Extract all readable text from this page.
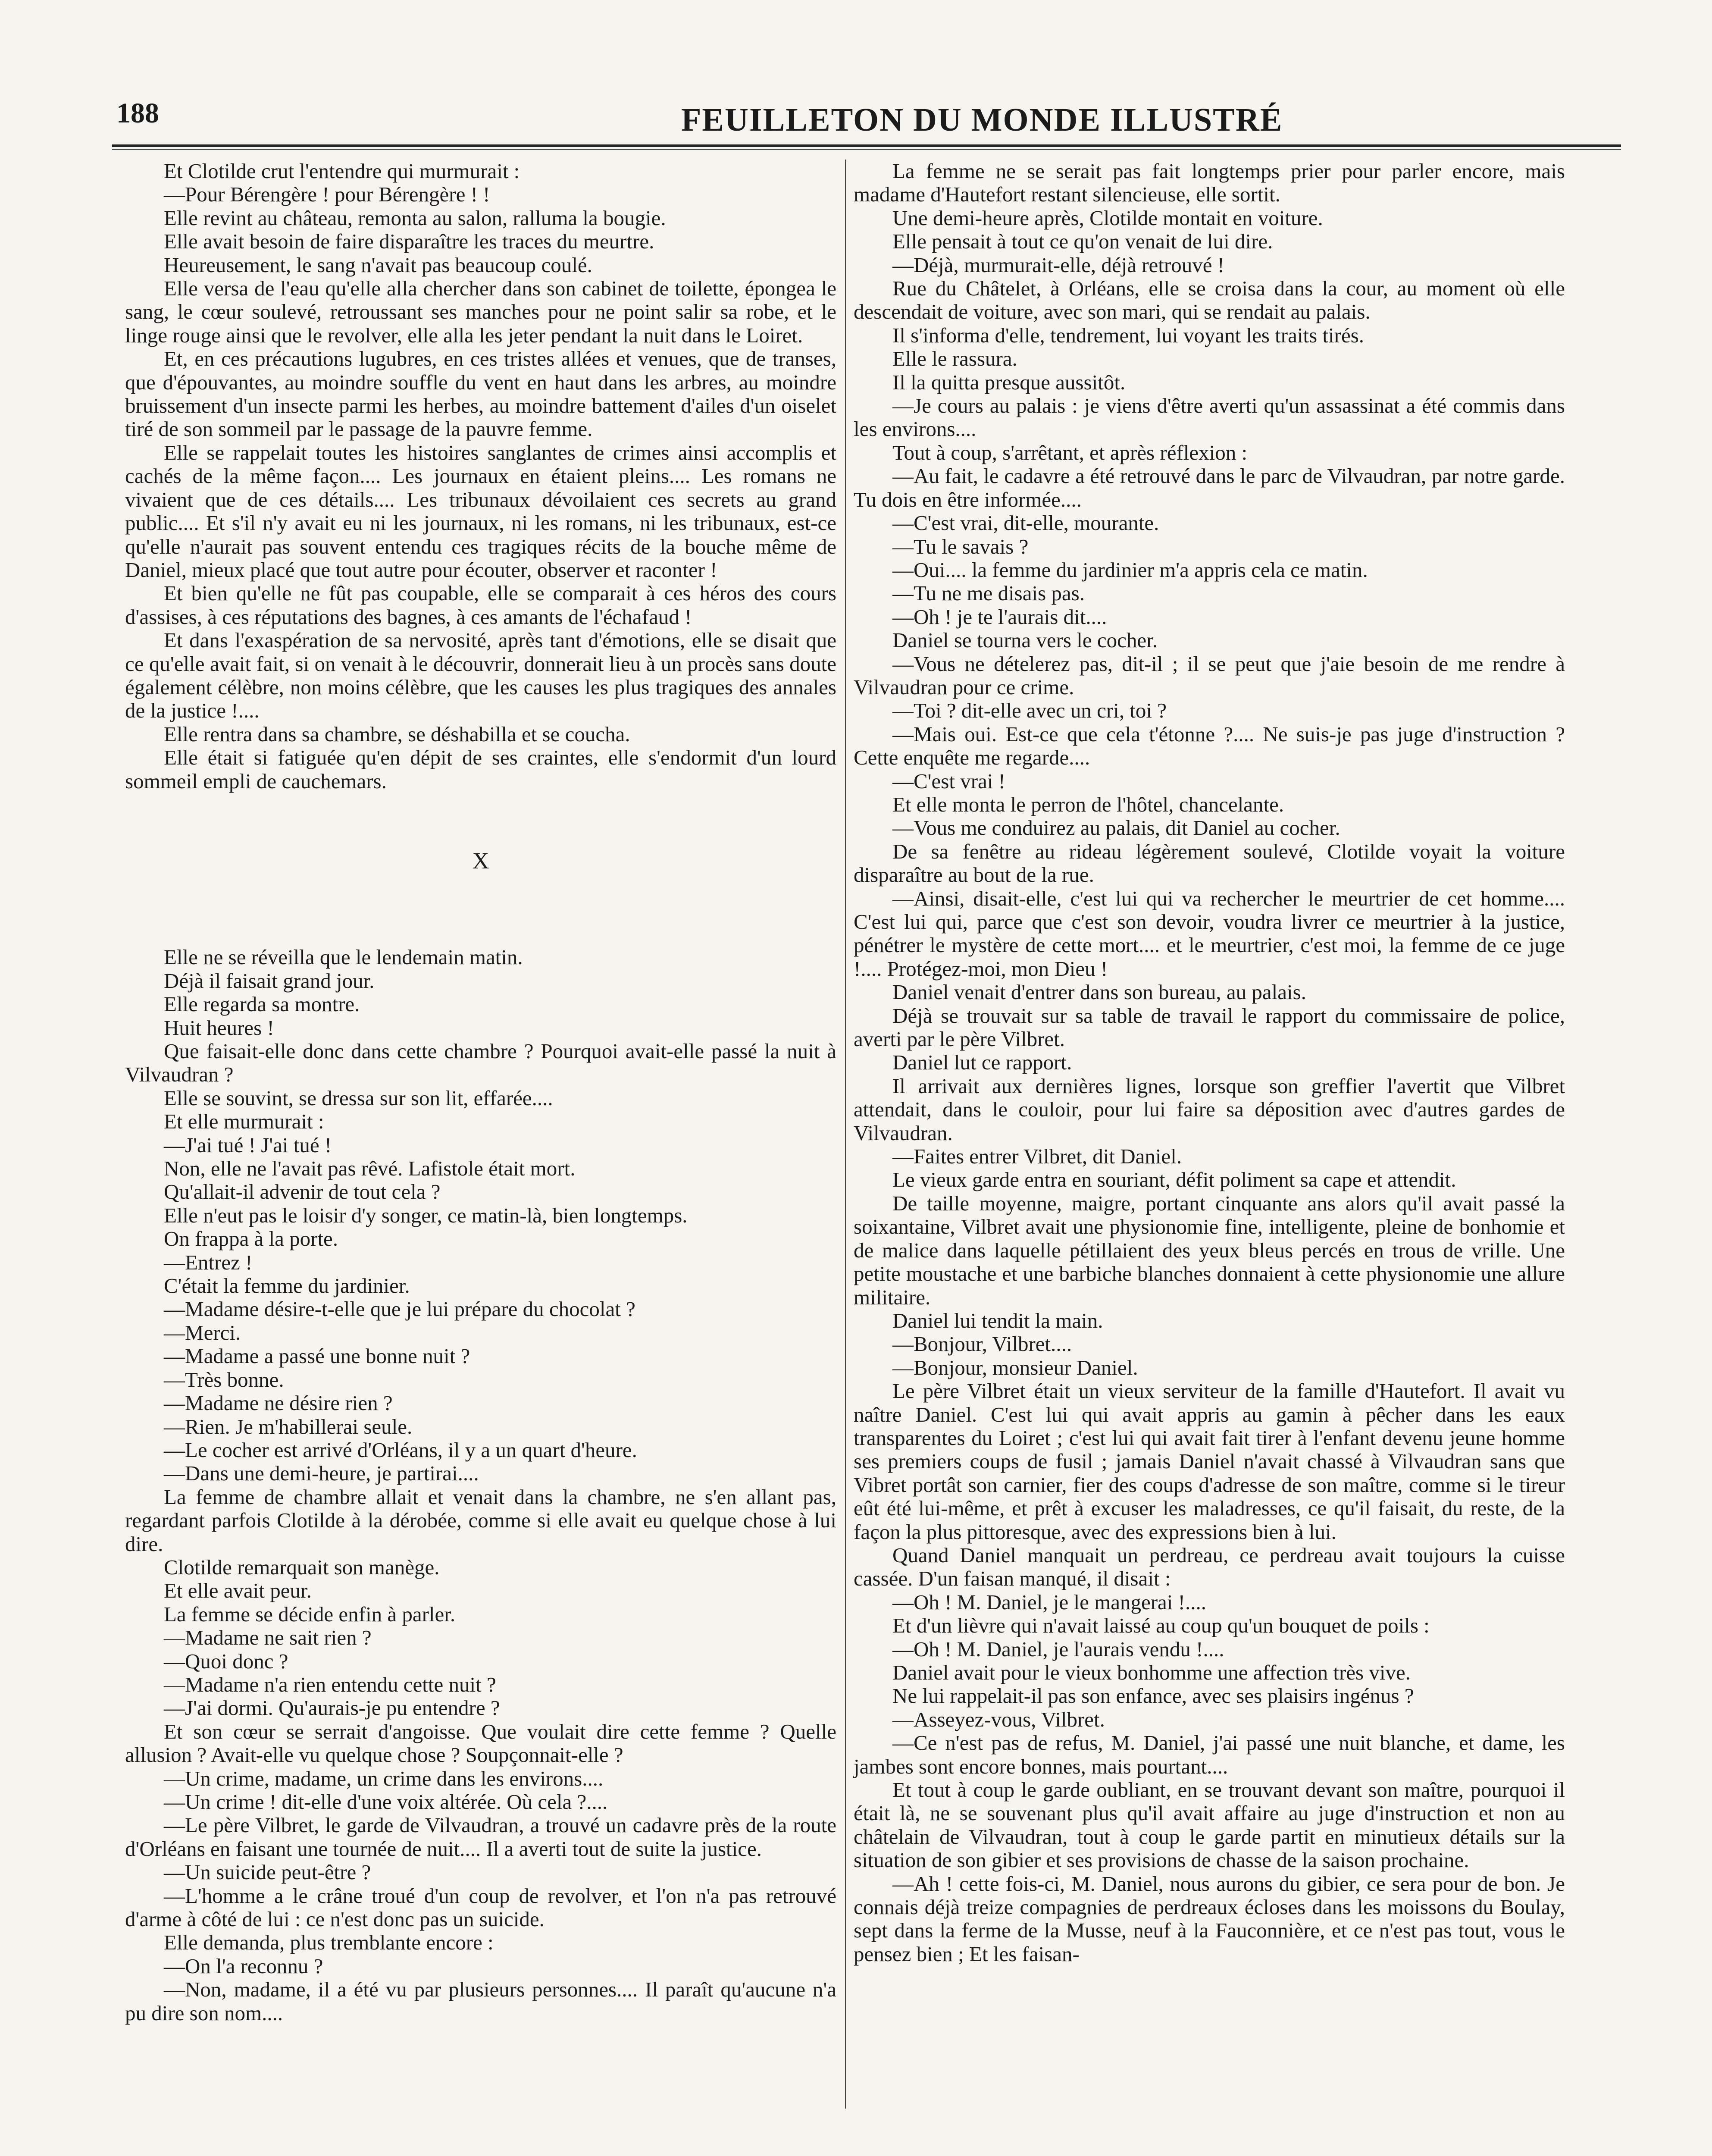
188	FEUILLETON DU MONDE ILLUSTRÉ

Et Clotilde crut l'entendre qui murmurait :

—Pour Bérengère ! pour Bérengère ! !

Elle revint au château, remonta au salon, ralluma la bougie.

Elle avait besoin de faire disparaître les traces du meurtre.

Heureusement, le sang n'avait pas beaucoup coulé.

Elle versa de l'eau qu'elle alla chercher dans son cabinet de toilette, épongea le sang, le cœur soulevé, retroussant ses manches pour ne point salir sa robe, et le linge rouge ainsi que le revolver, elle alla les jeter pendant la nuit dans le Loiret.

Et, en ces précautions lugubres, en ces tristes allées et venues, que de transes, que d'épouvantes, au moindre souffle du vent en haut dans les arbres, au moindre bruissement d'un insecte parmi les herbes, au moindre battement d'ailes d'un oiselet tiré de son sommeil par le passage de la pauvre femme.

Elle se rappelait toutes les histoires sanglantes de crimes ainsi accomplis et cachés de la même façon.... Les journaux en étaient pleins.... Les romans ne vivaient que de ces détails.... Les tribunaux dévoilaient ces secrets au grand public.... Et s'il n'y avait eu ni les journaux, ni les romans, ni les tribunaux, est-ce qu'elle n'aurait pas souvent entendu ces tragiques récits de la bouche même de Daniel, mieux placé que tout autre pour écouter, observer et raconter !

Et bien qu'elle ne fût pas coupable, elle se comparait à ces héros des cours d'assises, à ces réputations des bagnes, à ces amants de l'échafaud !

Et dans l'exaspération de sa nervosité, après tant d'émotions, elle se disait que ce qu'elle avait fait, si on venait à le découvrir, donnerait lieu à un procès sans doute également célèbre, non moins célèbre, que les causes les plus tragiques des annales de la justice !....

Elle rentra dans sa chambre, se déshabilla et se coucha.

Elle était si fatiguée qu'en dépit de ses craintes, elle s'endormit d'un lourd sommeil empli de cauchemars.

X

Elle ne se réveilla que le lendemain matin.

Déjà il faisait grand jour.

Elle regarda sa montre.

Huit heures !

Que faisait-elle donc dans cette chambre ? Pourquoi avait-elle passé la nuit à Vilvaudran ?

Elle se souvint, se dressa sur son lit, effarée....

Et elle murmurait :

—J'ai tué ! J'ai tué !

Non, elle ne l'avait pas rêvé. Lafistole était mort.

Qu'allait-il advenir de tout cela ?

Elle n'eut pas le loisir d'y songer, ce matin-là, bien longtemps.

On frappa à la porte.

—Entrez !

C'était la femme du jardinier.

—Madame désire-t-elle que je lui prépare du chocolat ?

—Merci.

—Madame a passé une bonne nuit ?

—Très bonne.

—Madame ne désire rien ?

—Rien. Je m'habillerai seule.

—Le cocher est arrivé d'Orléans, il y a un quart d'heure.

—Dans une demi-heure, je partirai....

La femme de chambre allait et venait dans la chambre, ne s'en allant pas, regardant parfois Clotilde à la dérobée, comme si elle avait eu quelque chose à lui dire.

Clotilde remarquait son manège.

Et elle avait peur.

La femme se décide enfin à parler.

—Madame ne sait rien ?

—Quoi donc ?

—Madame n'a rien entendu cette nuit ?

—J'ai dormi. Qu'aurais-je pu entendre ?

Et son cœur se serrait d'angoisse. Que voulait dire cette femme ? Quelle allusion ? Avait-elle vu quelque chose ? Soupçonnait-elle ?

—Un crime, madame, un crime dans les environs....

—Un crime ! dit-elle d'une voix altérée. Où cela ?....

—Le père Vilbret, le garde de Vilvaudran, a trouvé un cadavre près de la route d'Orléans en faisant une tournée de nuit.... Il a averti tout de suite la justice.

—Un suicide peut-être ?

—L'homme a le crâne troué d'un coup de revolver, et l'on n'a pas retrouvé d'arme à côté de lui : ce n'est donc pas un suicide.

Elle demanda, plus tremblante encore :

—On l'a reconnu ?

—Non, madame, il a été vu par plusieurs personnes.... Il paraît qu'aucune n'a pu dire son nom....

La femme ne se serait pas fait longtemps prier pour parler encore, mais madame d'Hautefort restant silencieuse, elle sortit.

Une demi-heure après, Clotilde montait en voiture.

Elle pensait à tout ce qu'on venait de lui dire.

—Déjà, murmurait-elle, déjà retrouvé !

Rue du Châtelet, à Orléans, elle se croisa dans la cour, au moment où elle descendait de voiture, avec son mari, qui se rendait au palais.

Il s'informa d'elle, tendrement, lui voyant les traits tirés.

Elle le rassura.

Il la quitta presque aussitôt.

—Je cours au palais : je viens d'être averti qu'un assassinat a été commis dans les environs....

Tout à coup, s'arrêtant, et après réflexion :

—Au fait, le cadavre a été retrouvé dans le parc de Vilvaudran, par notre garde. Tu dois en être informée....

—C'est vrai, dit-elle, mourante.

—Tu le savais ?

—Oui.... la femme du jardinier m'a appris cela ce matin.

—Tu ne me disais pas.

—Oh ! je te l'aurais dit....

Daniel se tourna vers le cocher.

—Vous ne dételerez pas, dit-il ; il se peut que j'aie besoin de me rendre à Vilvaudran pour ce crime.

—Toi ? dit-elle avec un cri, toi ?

—Mais oui. Est-ce que cela t'étonne ?.... Ne suis-je pas juge d'instruction ? Cette enquête me regarde....

—C'est vrai !

Et elle monta le perron de l'hôtel, chancelante.

—Vous me conduirez au palais, dit Daniel au cocher.

De sa fenêtre au rideau légèrement soulevé, Clotilde voyait la voiture disparaître au bout de la rue.

—Ainsi, disait-elle, c'est lui qui va rechercher le meurtrier de cet homme.... C'est lui qui, parce que c'est son devoir, voudra livrer ce meurtrier à la justice, pénétrer le mystère de cette mort.... et le meurtrier, c'est moi, la femme de ce juge !.... Protégez-moi, mon Dieu !

Daniel venait d'entrer dans son bureau, au palais.

Déjà se trouvait sur sa table de travail le rapport du commissaire de police, averti par le père Vilbret.

Daniel lut ce rapport.

Il arrivait aux dernières lignes, lorsque son greffier l'avertit que Vilbret attendait, dans le couloir, pour lui faire sa déposition avec d'autres gardes de Vilvaudran.

—Faites entrer Vilbret, dit Daniel.

Le vieux garde entra en souriant, défit poliment sa cape et attendit.

De taille moyenne, maigre, portant cinquante ans alors qu'il avait passé la soixantaine, Vilbret avait une physionomie fine, intelligente, pleine de bonhomie et de malice dans laquelle pétillaient des yeux bleus percés en trous de vrille. Une petite moustache et une barbiche blanches donnaient à cette physionomie une allure militaire.

Daniel lui tendit la main.

—Bonjour, Vilbret....

—Bonjour, monsieur Daniel.

Le père Vilbret était un vieux serviteur de la famille d'Hautefort. Il avait vu naître Daniel. C'est lui qui avait appris au gamin à pêcher dans les eaux transparentes du Loiret ; c'est lui qui avait fait tirer à l'enfant devenu jeune homme ses premiers coups de fusil ; jamais Daniel n'avait chassé à Vilvaudran sans que Vibret portât son carnier, fier des coups d'adresse de son maître, comme si le tireur eût été lui-même, et prêt à excuser les maladresses, ce qu'il faisait, du reste, de la façon la plus pittoresque, avec des expressions bien à lui.

Quand Daniel manquait un perdreau, ce perdreau avait toujours la cuisse cassée. D'un faisan manqué, il disait :

—Oh ! M. Daniel, je le mangerai !....

Et d'un lièvre qui n'avait laissé au coup qu'un bouquet de poils :

—Oh ! M. Daniel, je l'aurais vendu !....

Daniel avait pour le vieux bonhomme une affection très vive.

Ne lui rappelait-il pas son enfance, avec ses plaisirs ingénus ?

—Asseyez-vous, Vilbret.

—Ce n'est pas de refus, M. Daniel, j'ai passé une nuit blanche, et dame, les jambes sont encore bonnes, mais pourtant....

Et tout à coup le garde oubliant, en se trouvant devant son maître, pourquoi il était là, ne se souvenant plus qu'il avait affaire au juge d'instruction et non au châtelain de Vilvaudran, tout à coup le garde partit en minutieux détails sur la situation de son gibier et ses provisions de chasse de la saison prochaine.

—Ah ! cette fois-ci, M. Daniel, nous aurons du gibier, ce sera pour de bon. Je connais déjà treize compagnies de perdreaux écloses dans les moissons du Boulay, sept dans la ferme de la Musse, neuf à la Fauconnière, et ce n'est pas tout, vous le pensez bien ; Et les faisan-
